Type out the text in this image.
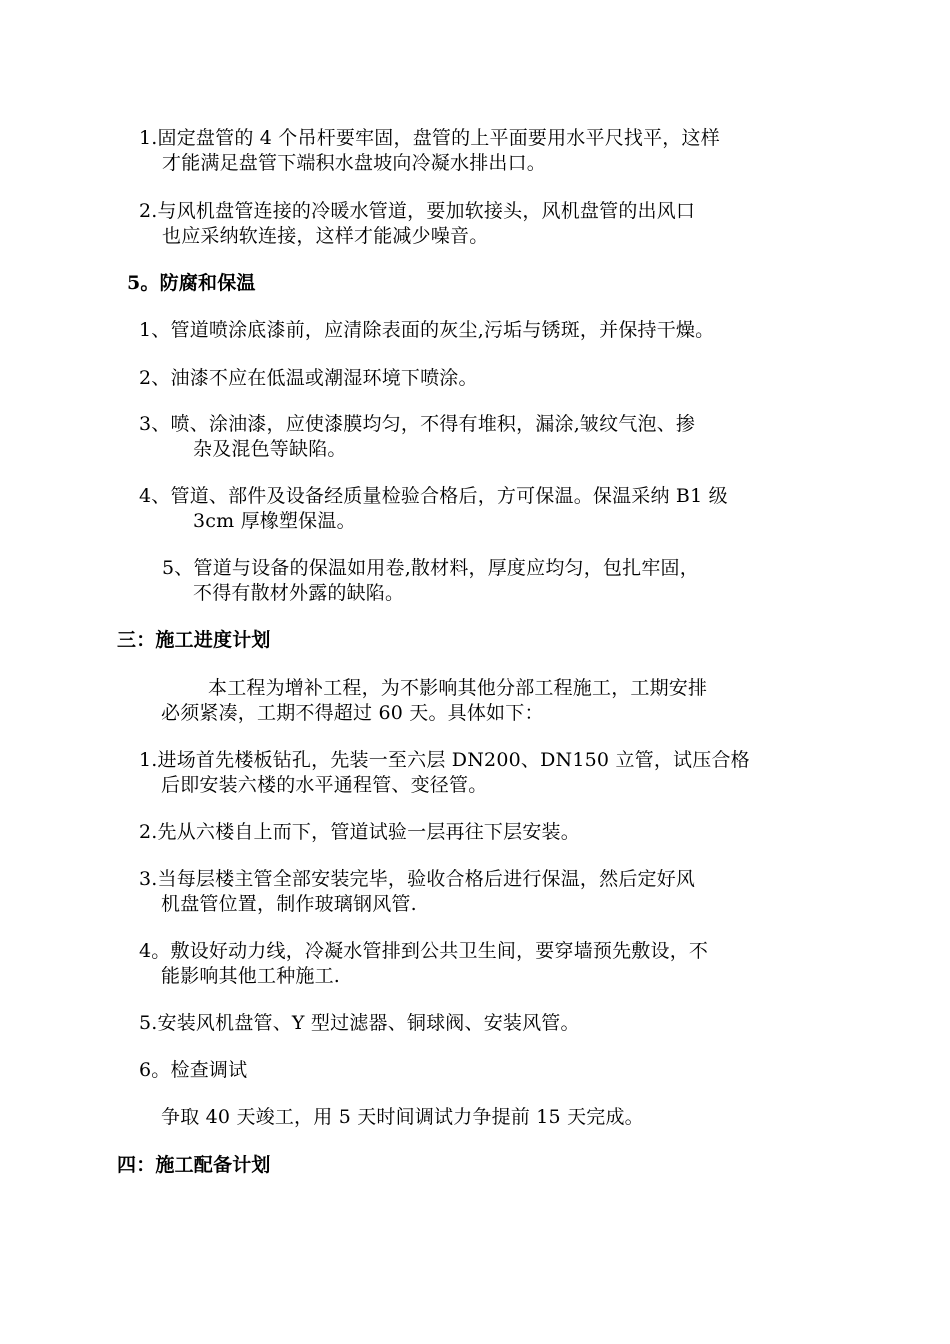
1.固定盘管的 4 个吊杆要牢固，盘管的上平面要用水平尺找平，这样
才能满足盘管下端积水盘坡向冷凝水排出口。
2.与风机盘管连接的冷暖水管道，要加软接头，风机盘管的出风口
也应采纳软连接，这样才能减少噪音。
5。防腐和保温
1、管道喷涂底漆前，应清除表面的灰尘,污垢与锈斑，并保持干燥。
2、油漆不应在低温或潮湿环境下喷涂。
3、喷、涂油漆，应使漆膜均匀，不得有堆积，漏涂,皱纹气泡、掺
杂及混色等缺陷。
4、管道、部件及设备经质量检验合格后，方可保温。保温采纳 B1 级
3cm 厚橡塑保温。
5、管道与设备的保温如用卷,散材料，厚度应均匀，包扎牢固，
不得有散材外露的缺陷。
三：施工进度计划
本工程为增补工程，为不影响其他分部工程施工，工期安排
必须紧凑，工期不得超过 60 天。具体如下：
1.进场首先楼板钻孔，先装一至六层 DN200、DN150 立管，试压合格
后即安装六楼的水平通程管、变径管。
2.先从六楼自上而下，管道试验一层再往下层安装。
3.当每层楼主管全部安装完毕，验收合格后进行保温，然后定好风
机盘管位置，制作玻璃钢风管.
4。敷设好动力线，冷凝水管排到公共卫生间，要穿墙预先敷设，不
能影响其他工种施工.
5.安装风机盘管、Y 型过滤器、铜球阀、安装风管。
6。检查调试
争取 40 天竣工，用 5 天时间调试力争提前 15 天完成。
四：施工配备计划
